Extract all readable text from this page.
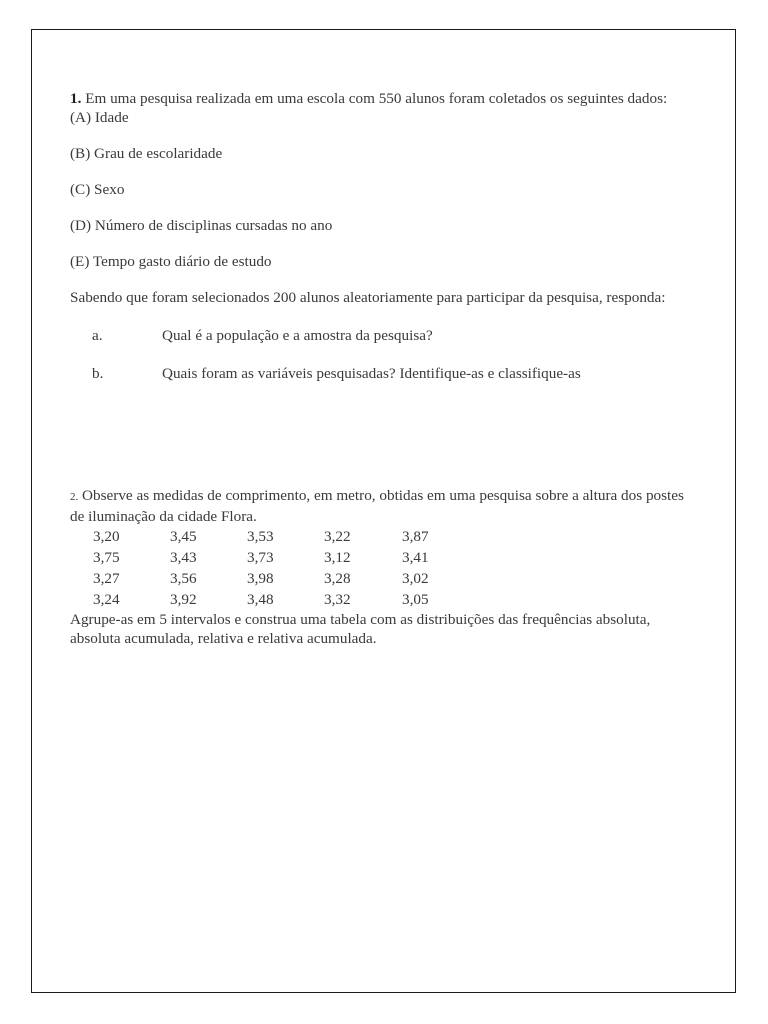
1. Em uma pesquisa realizada em uma escola com 550 alunos foram coletados os seguintes dados:

(A) Idade

(B) Grau de escolaridade

(C) Sexo

(D) Número de disciplinas cursadas no ano

(E) Tempo gasto diário de estudo

Sabendo que foram selecionados 200 alunos aleatoriamente para participar da pesquisa, responda:

a.	Qual é a população e a amostra da pesquisa?
b.	Quais foram as variáveis pesquisadas? Identifique-as e classifique-as

2. Observe as medidas de comprimento, em metro, obtidas em uma pesquisa sobre a altura dos postes de iluminação da cidade Flora.

3,20	3,45	3,53	3,22	3,87
3,75	3,43	3,73	3,12	3,41
3,27	3,56	3,98	3,28	3,02
3,24	3,92	3,48	3,32	3,05

Agrupe-as em 5 intervalos e construa uma tabela com as distribuições das frequências absoluta, absoluta acumulada, relativa e relativa acumulada.
